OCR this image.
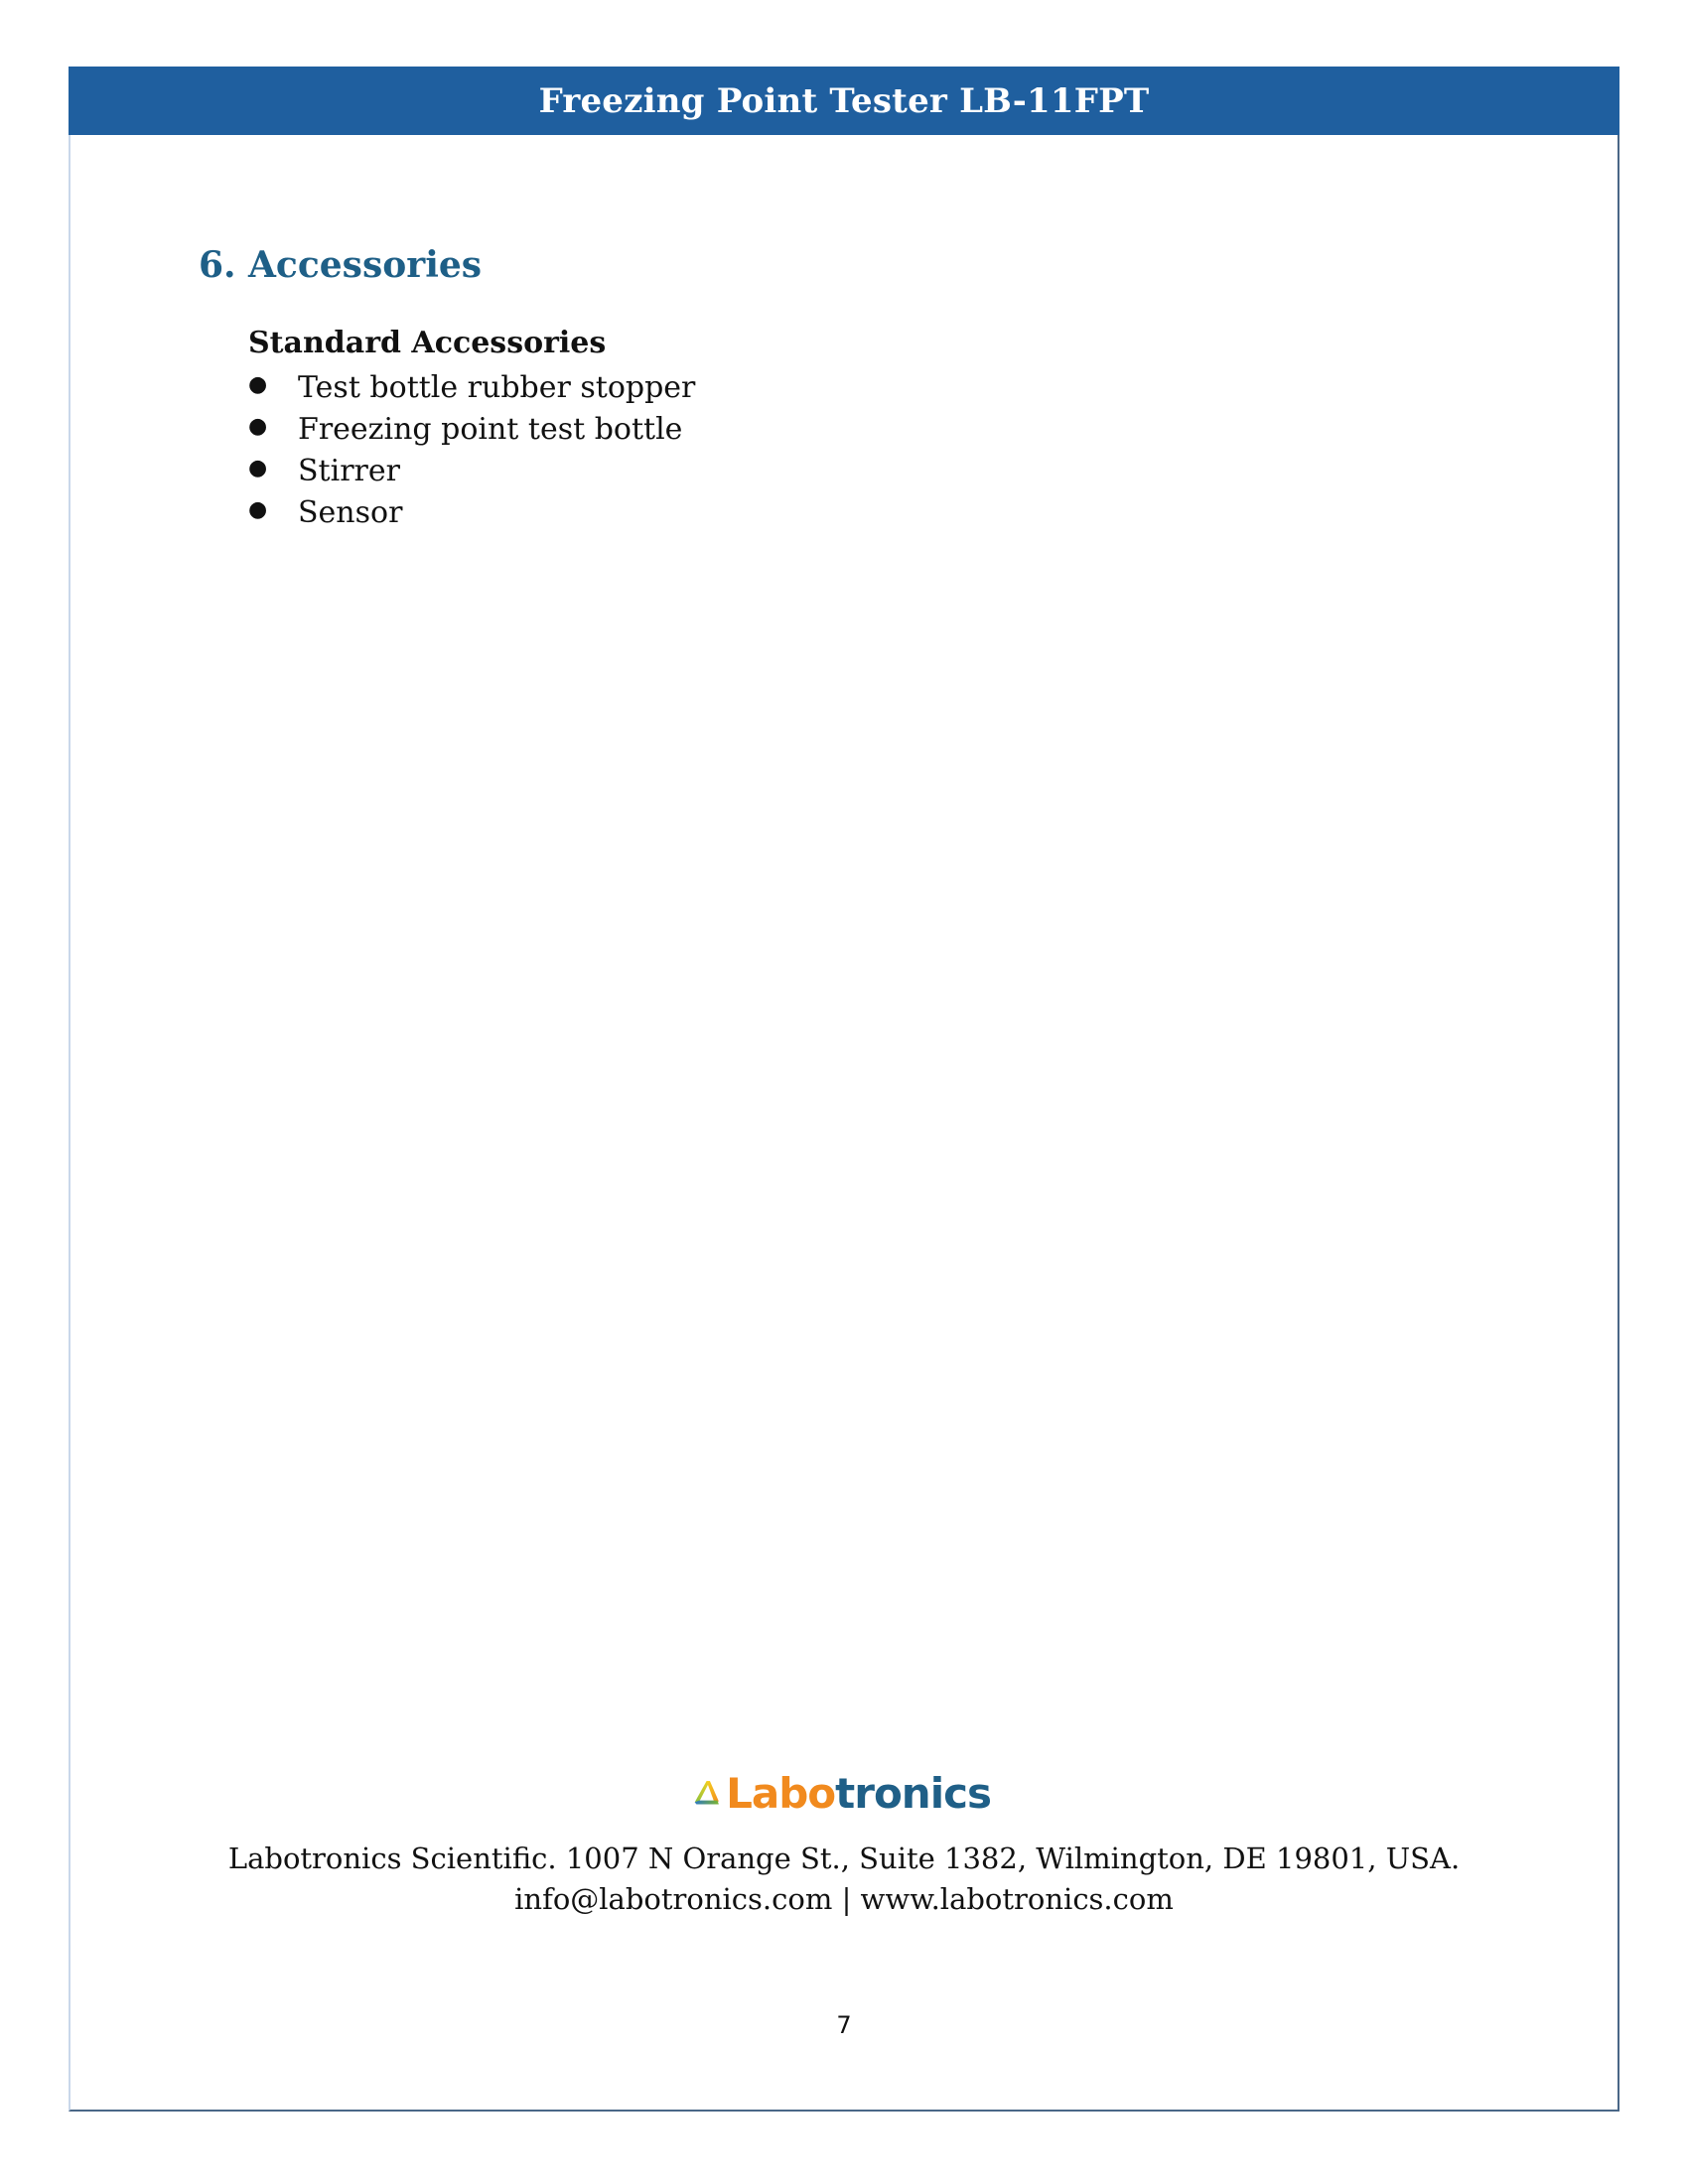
Freezing Point Tester LB-11FPT
6. Accessories
Standard Accessories
●	Test bottle rubber stopper
●	Freezing point test bottle
●	Stirrer
●	Sensor
Labotronics
Labotronics Scientific. 1007 N Orange St., Suite 1382, Wilmington, DE 19801, USA.
info@labotronics.com | www.labotronics.com
7
